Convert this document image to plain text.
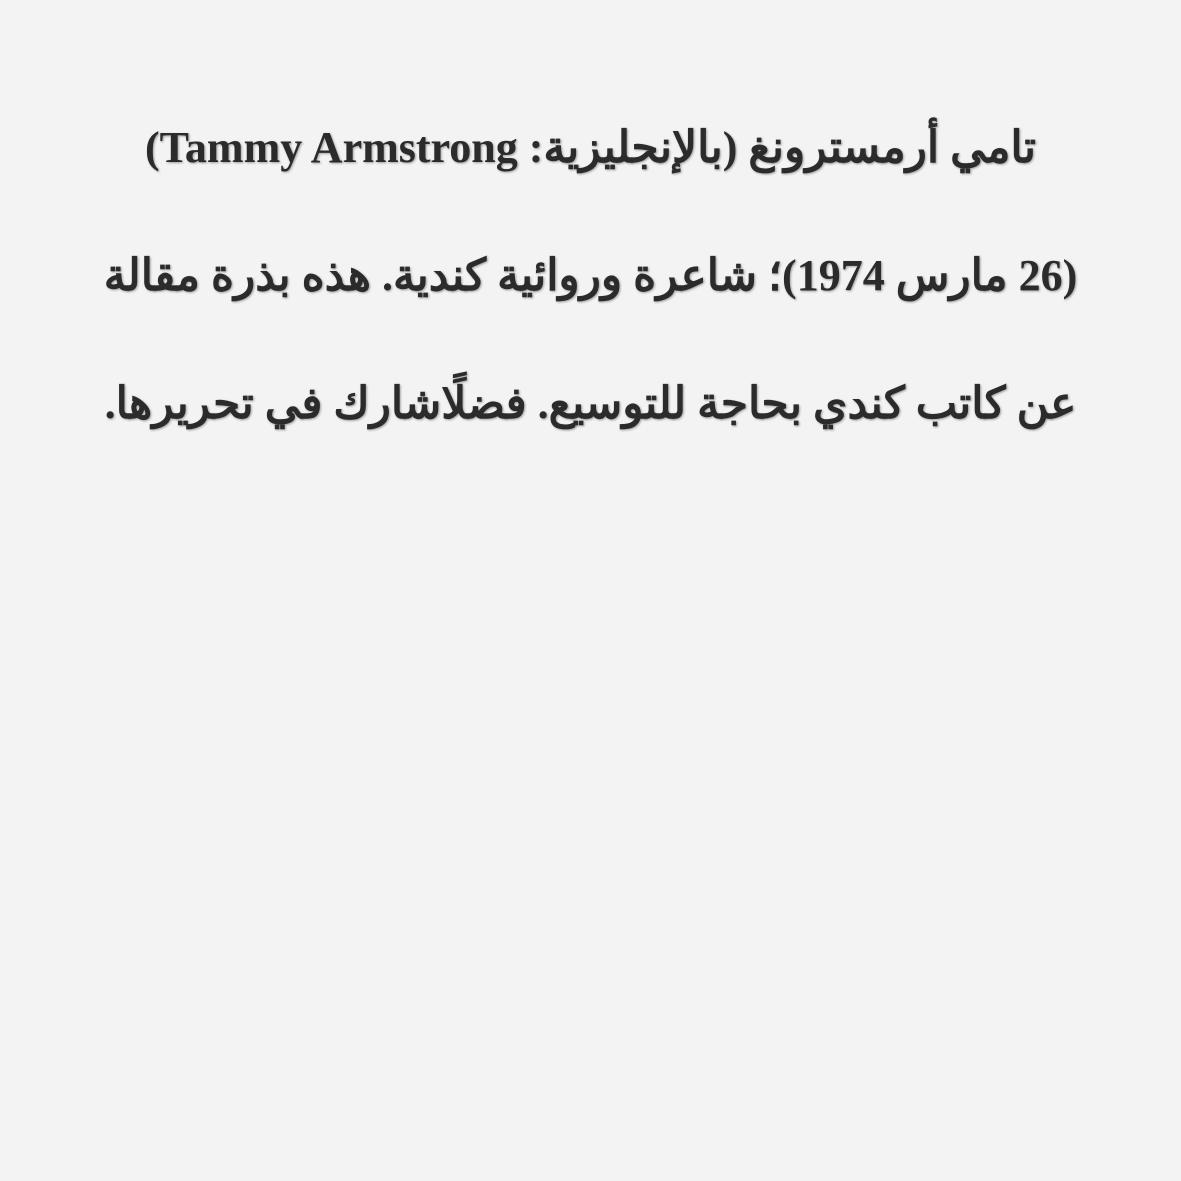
تامي أرمسترونغ (بالإنجليزية: Tammy Armstrong)
(26 مارس 1974)؛ شاعرة وروائية كندية. هذه بذرة مقالة
عن كاتب كندي بحاجة للتوسيع. فضلًاشارك في تحريرها.
